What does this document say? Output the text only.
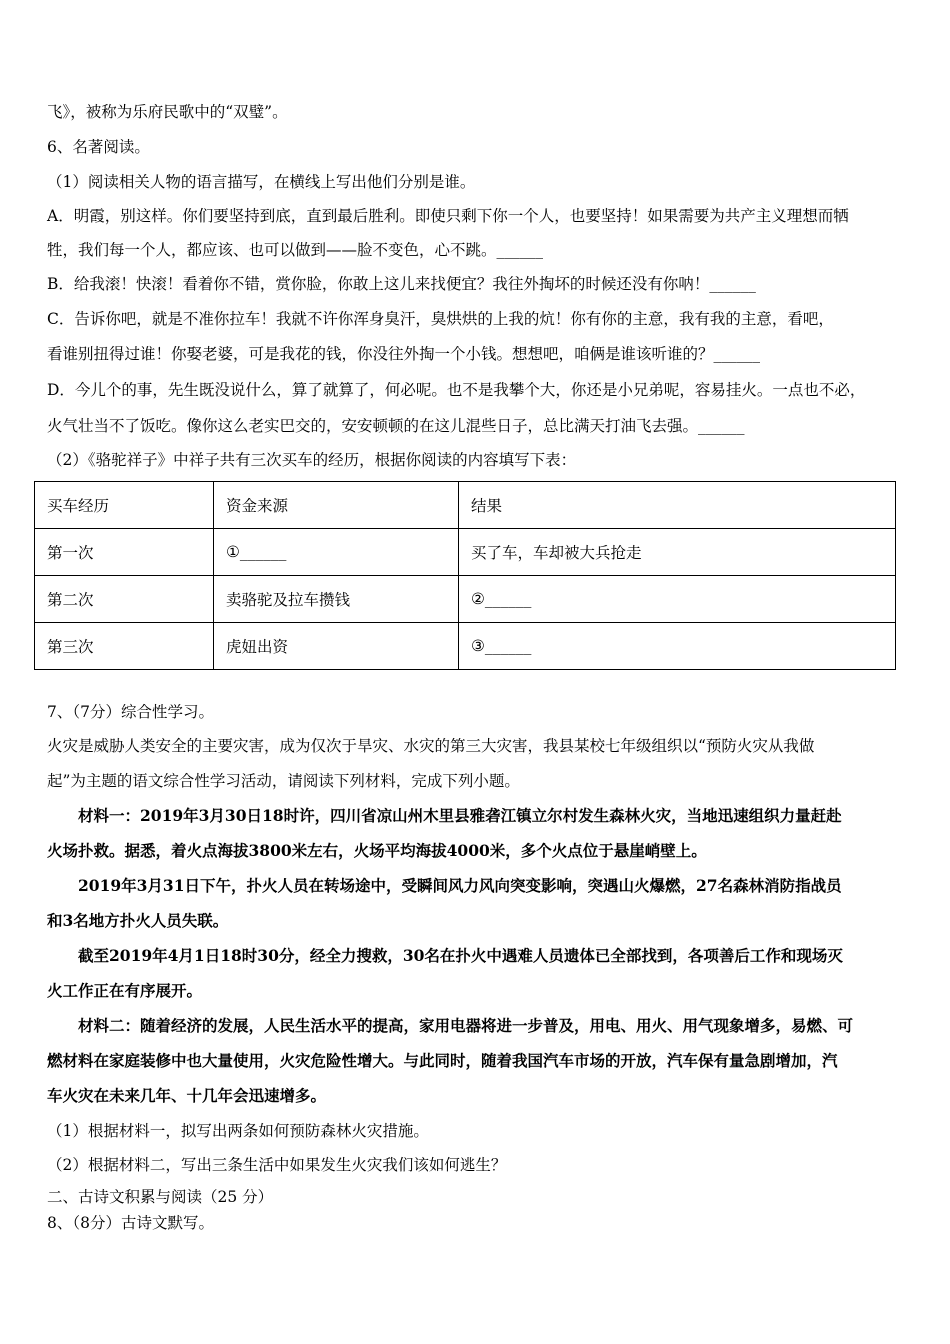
飞》，被称为乐府民歌中的“双璧”。
6、名著阅读。
（1）阅读相关人物的语言描写，在横线上写出他们分别是谁。
A．明霞，别这样。你们要坚持到底，直到最后胜利。即使只剩下你一个人，也要坚持！如果需要为共产主义理想而牺
牲，我们每一个人，都应该、也可以做到——脸不变色，心不跳。______
B．给我滚！快滚！看着你不错，赏你脸，你敢上这儿来找便宜？我往外掏坏的时候还没有你呐！______
C．告诉你吧，就是不准你拉车！我就不许你浑身臭汗，臭烘烘的上我的炕！你有你的主意，我有我的主意，看吧，
看谁别扭得过谁！你娶老婆，可是我花的钱，你没往外掏一个小钱。想想吧，咱俩是谁该听谁的？______
D．今儿个的事，先生既没说什么，算了就算了，何必呢。也不是我攀个大，你还是小兄弟呢，容易挂火。一点也不必，
火气壮当不了饭吃。像你这么老实巴交的，安安顿顿的在这儿混些日子，总比满天打油飞去强。______
（2）《骆驼祥子》中祥子共有三次买车的经历，根据你阅读的内容填写下表：
买车经历	资金来源	结果
第一次	①______	买了车，车却被大兵抢走
第二次	卖骆驼及拉车攒钱	②______
第三次	虎妞出资	③______
7、（7分）综合性学习。
火灾是威胁人类安全的主要灾害，成为仅次于旱灾、水灾的第三大灾害，我县某校七年级组织以“预防火灾从我做
起”为主题的语文综合性学习活动，请阅读下列材料，完成下列小题。
材料一：2019年3月30日18时许，四川省凉山州木里县雅砻江镇立尔村发生森林火灾，当地迅速组织力量赶赴
火场扑救。据悉，着火点海拔3800米左右，火场平均海拔4000米，多个火点位于悬崖峭壁上。
2019年3月31日下午，扑火人员在转场途中，受瞬间风力风向突变影响，突遇山火爆燃，27名森林消防指战员
和3名地方扑火人员失联。
截至2019年4月1日18时30分，经全力搜救，30名在扑火中遇难人员遗体已全部找到，各项善后工作和现场灭
火工作正在有序展开。
材料二：随着经济的发展，人民生活水平的提高，家用电器将进一步普及，用电、用火、用气现象增多，易燃、可
燃材料在家庭装修中也大量使用，火灾危险性增大。与此同时，随着我国汽车市场的开放，汽车保有量急剧增加，汽
车火灾在未来几年、十几年会迅速增多。
（1）根据材料一，拟写出两条如何预防森林火灾措施。
（2）根据材料二，写出三条生活中如果发生火灾我们该如何逃生？
二、古诗文积累与阅读（25 分）
8、（8分）古诗文默写。
